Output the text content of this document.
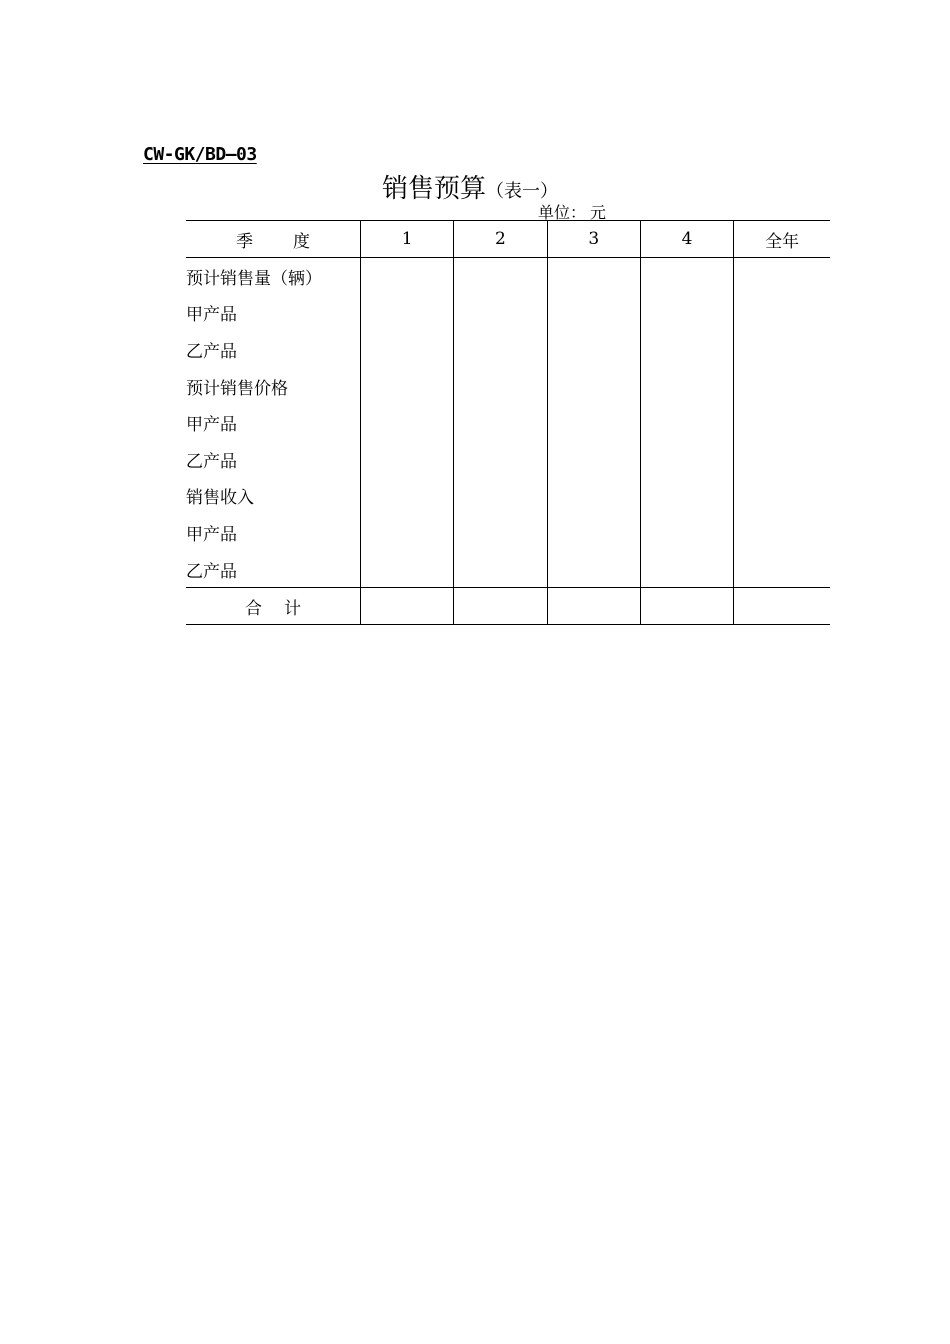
CW-GK/BD—03
销售预算（表一）
单位： 元
季 度	1	2	3	4	全年
预计销售量（辆）					
甲产品					
乙产品					
预计销售价格					
甲产品					
乙产品					
销售收入					
甲产品					
乙产品					
合 计					
